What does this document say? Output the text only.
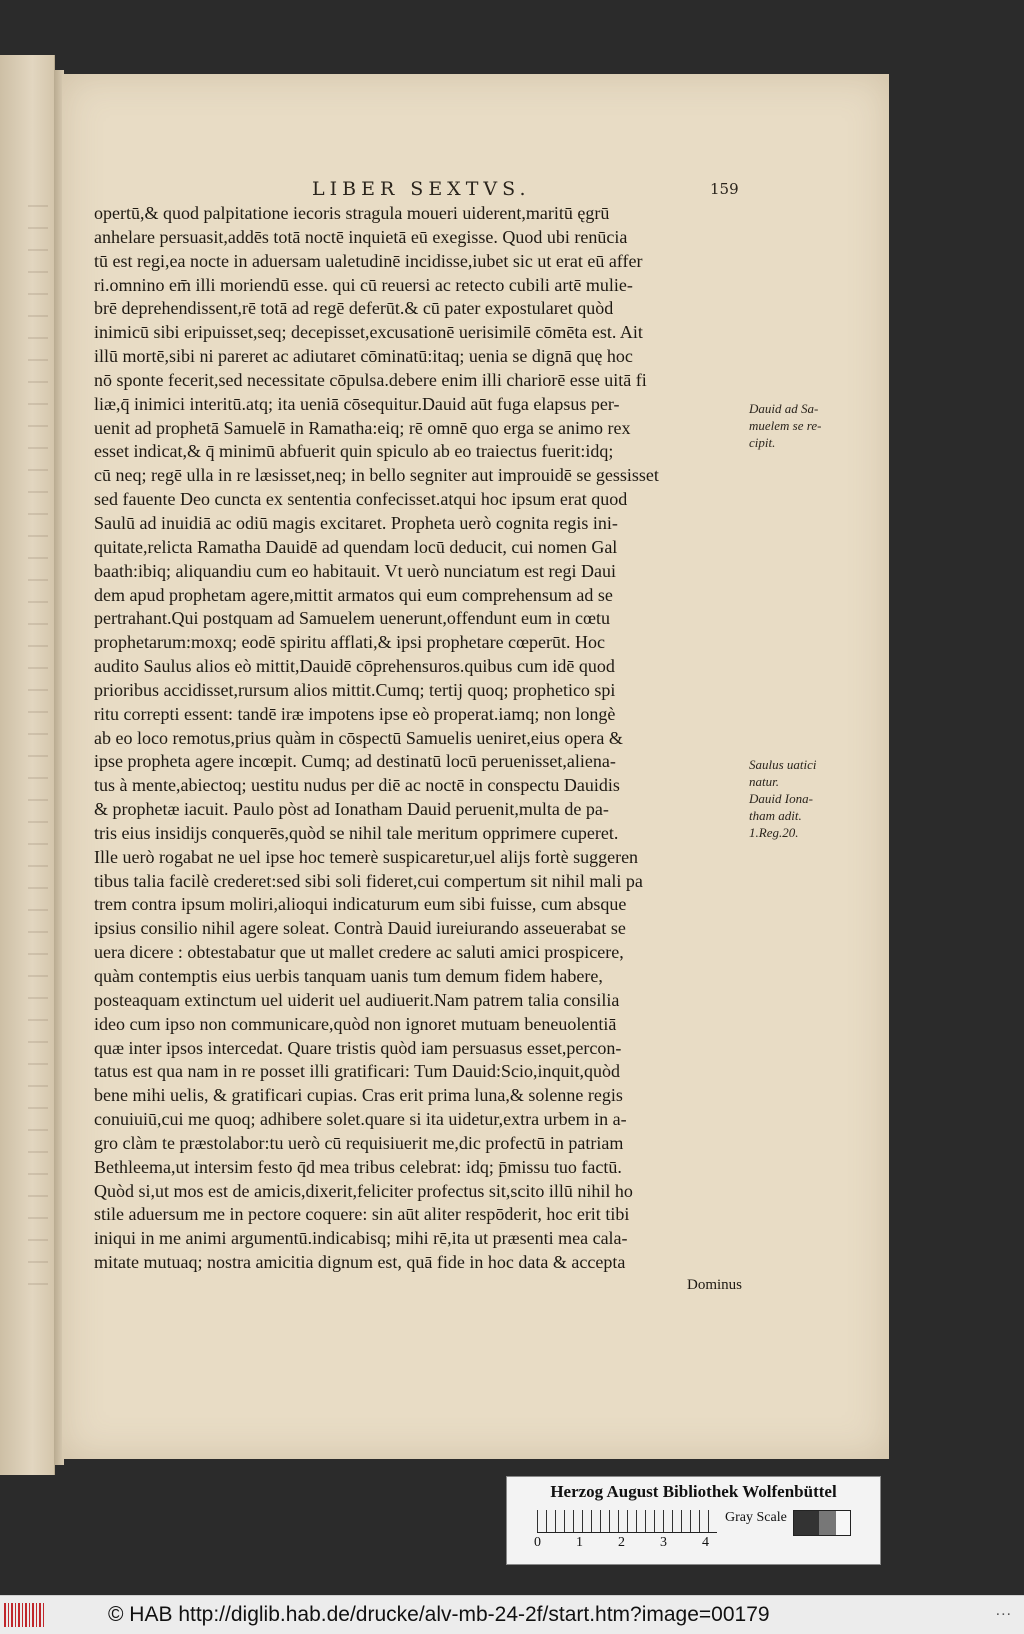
LIBER SEXTVS.	159
opertū,& quod palpitatione iecoris stragula moueri uiderent,maritū ęgrū
anhelare persuasit,addēs totā noctē inquietā eū exegisse. Quod ubi renūcia
tū est regi,ea nocte in aduersam ualetudinē incidisse,iubet sic ut erat eū affer
ri.omnino em̄ illi moriendū esse. qui cū reuersi ac retecto cubili artē mulie-
brē deprehendissent,rē totā ad regē deferūt.& cū pater expostularet quòd
inimicū sibi eripuisset,seq; decepisset,excusationē uerisimilē cōmēta est. Ait
illū mortē,sibi ni pareret ac adiutaret cōminatū:itaq; uenia se dignā quę hoc
nō sponte fecerit,sed necessitate cōpulsa.debere enim illi chariorē esse uitā fi
liæ,q̄ inimici interitū.atq; ita ueniā cōsequitur.Dauid aūt fuga elapsus per-
uenit ad prophetā Samuelē in Ramatha:eiq; rē omnē quo erga se animo rex
esset indicat,& q̄ minimū abfuerit quin spiculo ab eo traiectus fuerit:idq;
cū neq; regē ulla in re læsisset,neq; in bello segniter aut improuidē se gessisset
sed fauente Deo cuncta ex sententia confecisset.atqui hoc ipsum erat quod
Saulū ad inuidiā ac odiū magis excitaret. Propheta uerò cognita regis ini-
quitate,relicta Ramatha Dauidē ad quendam locū deducit, cui nomen Gal
baath:ibiq; aliquandiu cum eo habitauit. Vt uerò nunciatum est regi Daui
dem apud prophetam agere,mittit armatos qui eum comprehensum ad se
pertrahant.Qui postquam ad Samuelem uenerunt,offendunt eum in cœtu
prophetarum:moxq; eodē spiritu afflati,& ipsi prophetare cœperūt. Hoc
audito Saulus alios eò mittit,Dauidē cōprehensuros.quibus cum idē quod
prioribus accidisset,rursum alios mittit.Cumq; tertij quoq; prophetico spi
ritu correpti essent: tandē iræ impotens ipse eò properat.iamq; non longè
ab eo loco remotus,prius quàm in cōspectū Samuelis ueniret,eius opera &
ipse propheta agere incœpit. Cumq; ad destinatū locū peruenisset,aliena-
tus à mente,abiectoq; uestitu nudus per diē ac noctē in conspectu Dauidis
& prophetæ iacuit. Paulo pòst ad Ionatham Dauid peruenit,multa de pa-
tris eius insidijs conquerēs,quòd se nihil tale meritum opprimere cuperet.
Ille uerò rogabat ne uel ipse hoc temerè suspicaretur,uel alijs fortè suggeren
tibus talia facilè crederet:sed sibi soli fideret,cui compertum sit nihil mali pa
trem contra ipsum moliri,alioqui indicaturum eum sibi fuisse, cum absque
ipsius consilio nihil agere soleat. Contrà Dauid iureiurando asseuerabat se
uera dicere : obtestabatur que ut mallet credere ac saluti amici prospicere,
quàm contemptis eius uerbis tanquam uanis tum demum fidem habere,
posteaquam extinctum uel uiderit uel audiuerit.Nam patrem talia consilia
ideo cum ipso non communicare,quòd non ignoret mutuam beneuolentiā
quæ inter ipsos intercedat. Quare tristis quòd iam persuasus esset,percon-
tatus est qua nam in re posset illi gratificari: Tum Dauid:Scio,inquit,quòd
bene mihi uelis, & gratificari cupias. Cras erit prima luna,& solenne regis
conuiuiū,cui me quoq; adhibere solet.quare si ita uidetur,extra urbem in a-
gro clàm te præstolabor:tu uerò cū requisiuerit me,dic profectū in patriam
Bethleema,ut intersim festo q̄d mea tribus celebrat: idq; p̄missu tuo factū.
Quòd si,ut mos est de amicis,dixerit,feliciter profectus sit,scito illū nihil ho
stile aduersum me in pectore coquere: sin aūt aliter respōderit, hoc erit tibi
iniqui in me animi argumentū.indicabisq; mihi rē,ita ut præsenti mea cala-
mitate mutuaq; nostra amicitia dignum est, quā fide in hoc data & accepta
Dominus
Dauid ad Sa-
muelem se re-
cipit.
Saulus uatici
natur.
Dauid Iona-
tham adit.
1.Reg.20.
Herzog August Bibliothek Wolfenbüttel
0	1	2	3	4
Gray Scale
© HAB http://diglib.hab.de/drucke/alv-mb-24-2f/start.htm?image=00179	...
